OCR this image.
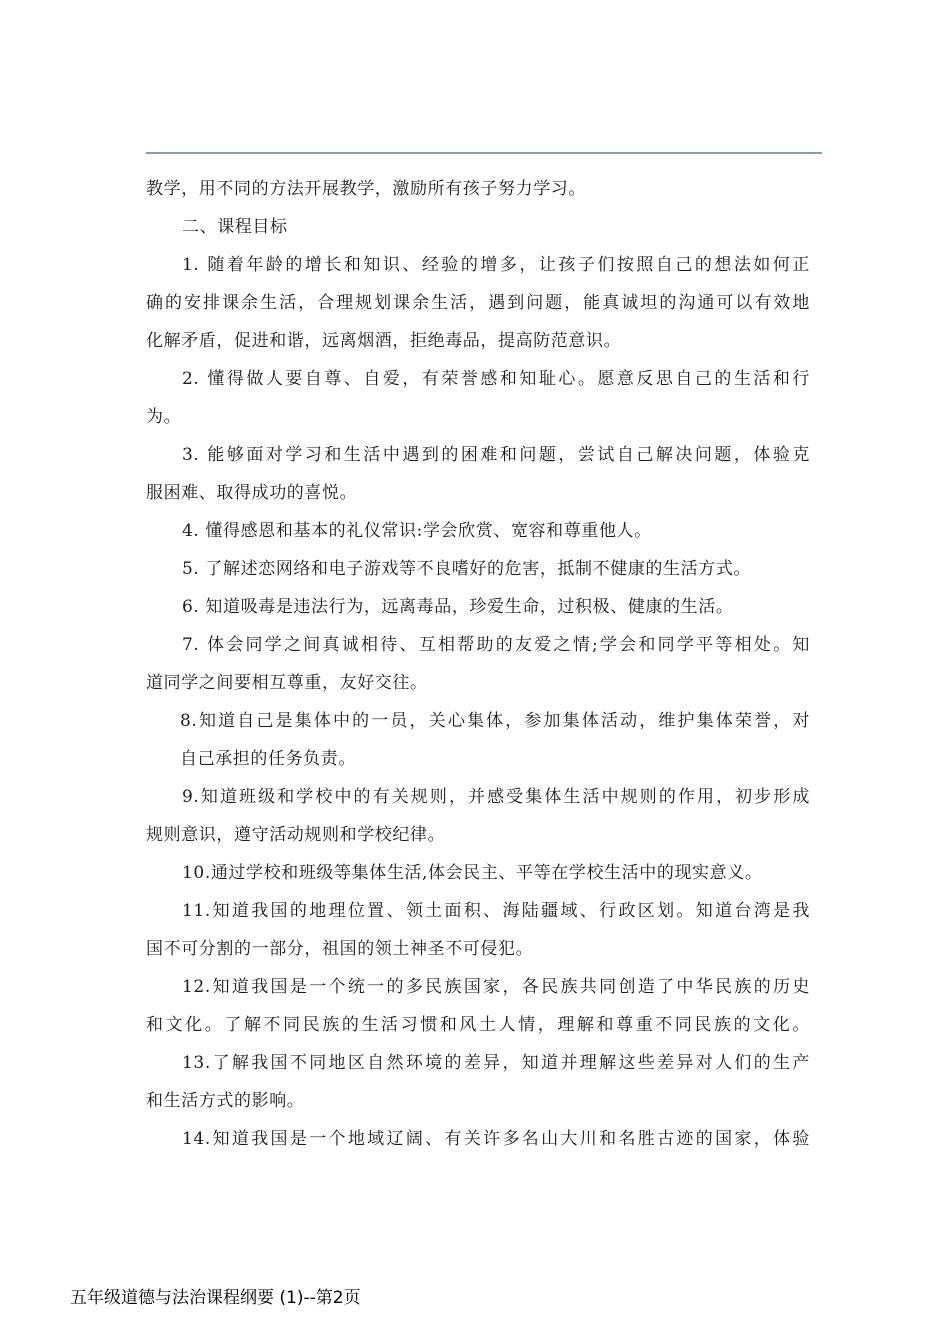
教学，用不同的方法开展教学，激励所有孩子努力学习。
二、课程目标
1. 随着年龄的增长和知识、经验的增多，让孩子们按照自己的想法如何正
确的安排课余生活，合理规划课余生活，遇到问题，能真诚坦的沟通可以有效地
化解矛盾，促进和谐，远离烟酒，拒绝毒品，提高防范意识。
2. 懂得做人要自尊、自爱，有荣誉感和知耻心。愿意反思自己的生活和行
为。
3. 能够面对学习和生活中遇到的困难和问题，尝试自己解决问题，体验克
服困难、取得成功的喜悦。
4. 懂得感恩和基本的礼仪常识:学会欣赏、宽容和尊重他人。
5. 了解述恋网络和电子游戏等不良嗜好的危害，抵制不健康的生活方式。
6. 知道吸毒是违法行为，远离毒品，珍爱生命，过积极、健康的生活。
7. 体会同学之间真诚相待、互相帮助的友爱之情;学会和同学平等相处。知
道同学之间要相互尊重，友好交往。
8.知道自己是集体中的一员，关心集体，参加集体活动，维护集体荣誉，对
自己承担的任务负责。
9.知道班级和学校中的有关规则，并感受集体生活中规则的作用，初步形成
规则意识，遵守活动规则和学校纪律。
10.通过学校和班级等集体生活,体会民主、平等在学校生活中的现实意义。
11.知道我国的地理位置、领土面积、海陆疆域、行政区划。知道台湾是我
国不可分割的一部分，祖国的领土神圣不可侵犯。
12.知道我国是一个统一的多民族国家，各民族共同创造了中华民族的历史
和文化。了解不同民族的生活习惯和风土人情，理解和尊重不同民族的文化。
13.了解我国不同地区自然环境的差异，知道并理解这些差异对人们的生产
和生活方式的影响。
14.知道我国是一个地域辽阔、有关许多名山大川和名胜古迹的国家，体验
五年级道德与法治课程纲要 (1)--第2页
